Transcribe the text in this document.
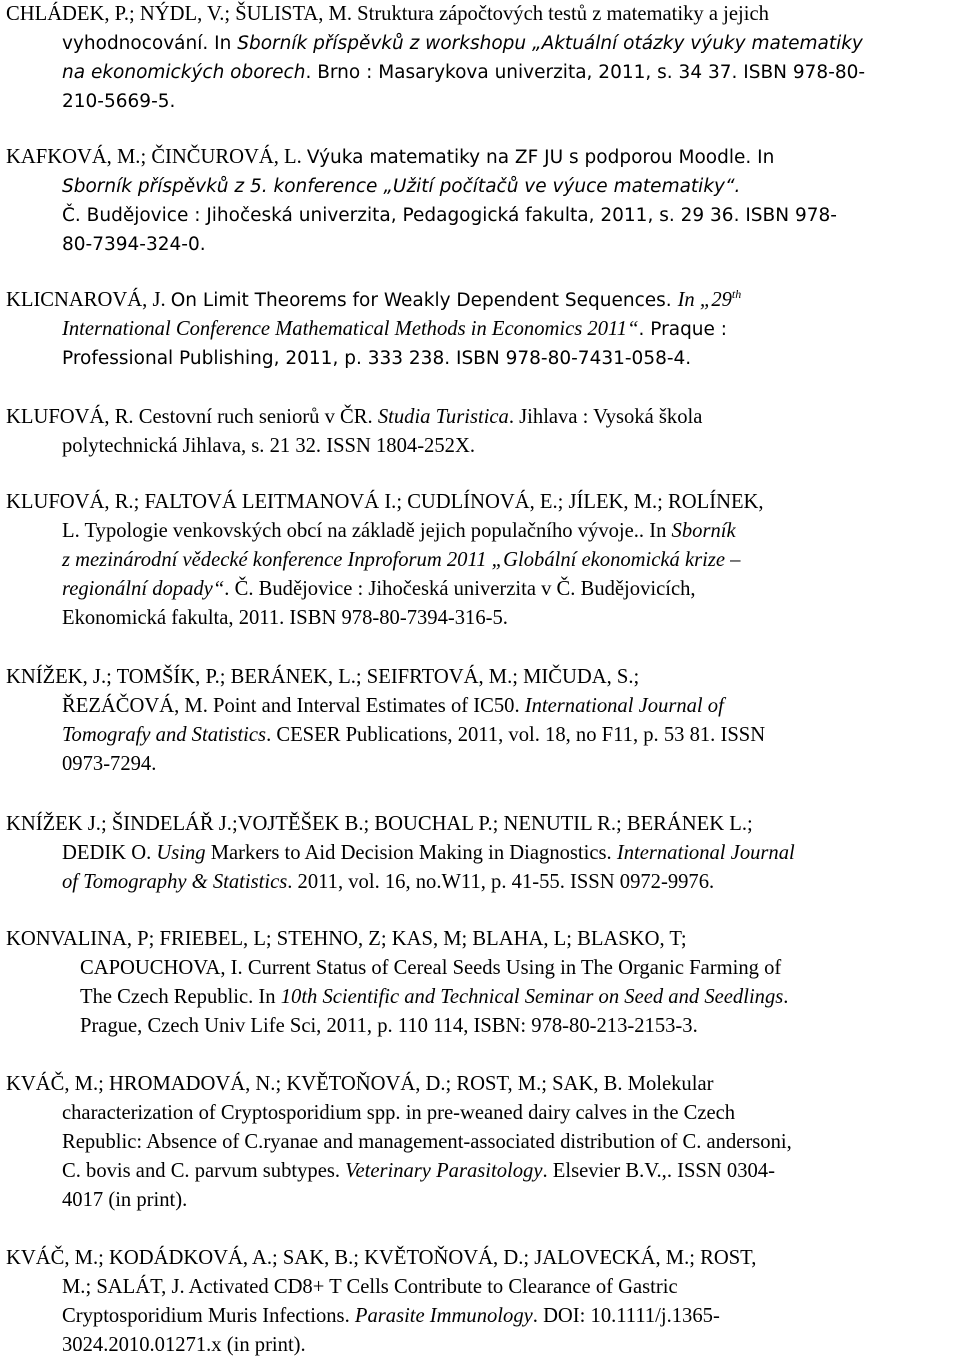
CHLÁDEK, P.; NÝDL, V.; ŠULISTA, M. Struktura zápočtových testů z matematiky a jejich
vyhodnocování. In Sborník příspěvků z workshopu „Aktuální otázky výuky matematiky
na ekonomických oborech. Brno : Masarykova univerzita, 2011, s. 34 37. ISBN 978-80-
210-5669-5.
KAFKOVÁ, M.; ČINČUROVÁ, L. Výuka matematiky na ZF JU s podporou Moodle. In
Sborník příspěvků z 5. konference „Užití počítačů ve výuce matematiky“.
Č. Budějovice : Jihočeská univerzita, Pedagogická fakulta, 2011, s. 29 36. ISBN 978-
80-7394-324-0.
KLICNAROVÁ, J. On Limit Theorems for Weakly Dependent Sequences. In „29th
International Conference Mathematical Methods in Economics 2011“. Praque :
Professional Publishing, 2011, p. 333 238. ISBN 978-80-7431-058-4.
KLUFOVÁ, R. Cestovní ruch seniorů v ČR. Studia Turistica. Jihlava : Vysoká škola
polytechnická Jihlava, s. 21 32. ISSN 1804-252X.
KLUFOVÁ, R.; FALTOVÁ LEITMANOVÁ I.; CUDLÍNOVÁ, E.; JÍLEK, M.; ROLÍNEK,
L. Typologie venkovských obcí na základě jejich populačního vývoje.. In Sborník
z mezinárodní vědecké konference Inproforum 2011 „Globální ekonomická krize –
regionální dopady“. Č. Budějovice : Jihočeská univerzita v Č. Budějovicích,
Ekonomická fakulta, 2011. ISBN 978-80-7394-316-5.
KNÍŽEK, J.; TOMŠÍK, P.; BERÁNEK, L.; SEIFRTOVÁ, M.; MIČUDA, S.;
ŘEZÁČOVÁ, M. Point and Interval Estimates of IC50. International Journal of
Tomografy and Statistics. CESER Publications, 2011, vol. 18, no F11, p. 53 81. ISSN
0973-7294.
KNÍŽEK J.; ŠINDELÁŘ J.;VOJTĚŠEK B.; BOUCHAL P.; NENUTIL R.; BERÁNEK L.;
DEDIK O. Using Markers to Aid Decision Making in Diagnostics. International Journal
of Tomography & Statistics. 2011, vol. 16, no.W11, p. 41-55. ISSN 0972-9976.
KONVALINA, P; FRIEBEL, L; STEHNO, Z; KAS, M; BLAHA, L; BLASKO, T;
CAPOUCHOVA, I. Current Status of Cereal Seeds Using in The Organic Farming of
The Czech Republic. In 10th Scientific and Technical Seminar on Seed and Seedlings.
Prague, Czech Univ Life Sci, 2011, p. 110 114, ISBN: 978-80-213-2153-3.
KVÁČ, M.; HROMADOVÁ, N.; KVĚTOŇOVÁ, D.; ROST, M.; SAK, B. Molekular
characterization of Cryptosporidium spp. in pre-weaned dairy calves in the Czech
Republic: Absence of C.ryanae and management-associated distribution of C. andersoni,
C. bovis and C. parvum subtypes. Veterinary Parasitology. Elsevier B.V.,. ISSN 0304-
4017 (in print).
KVÁČ, M.; KODÁDKOVÁ, A.; SAK, B.; KVĚTOŇOVÁ, D.; JALOVECKÁ, M.; ROST,
M.; SALÁT, J. Activated CD8+ T Cells Contribute to Clearance of Gastric
Cryptosporidium Muris Infections. Parasite Immunology. DOI: 10.1111/j.1365-
3024.2010.01271.x (in print).
